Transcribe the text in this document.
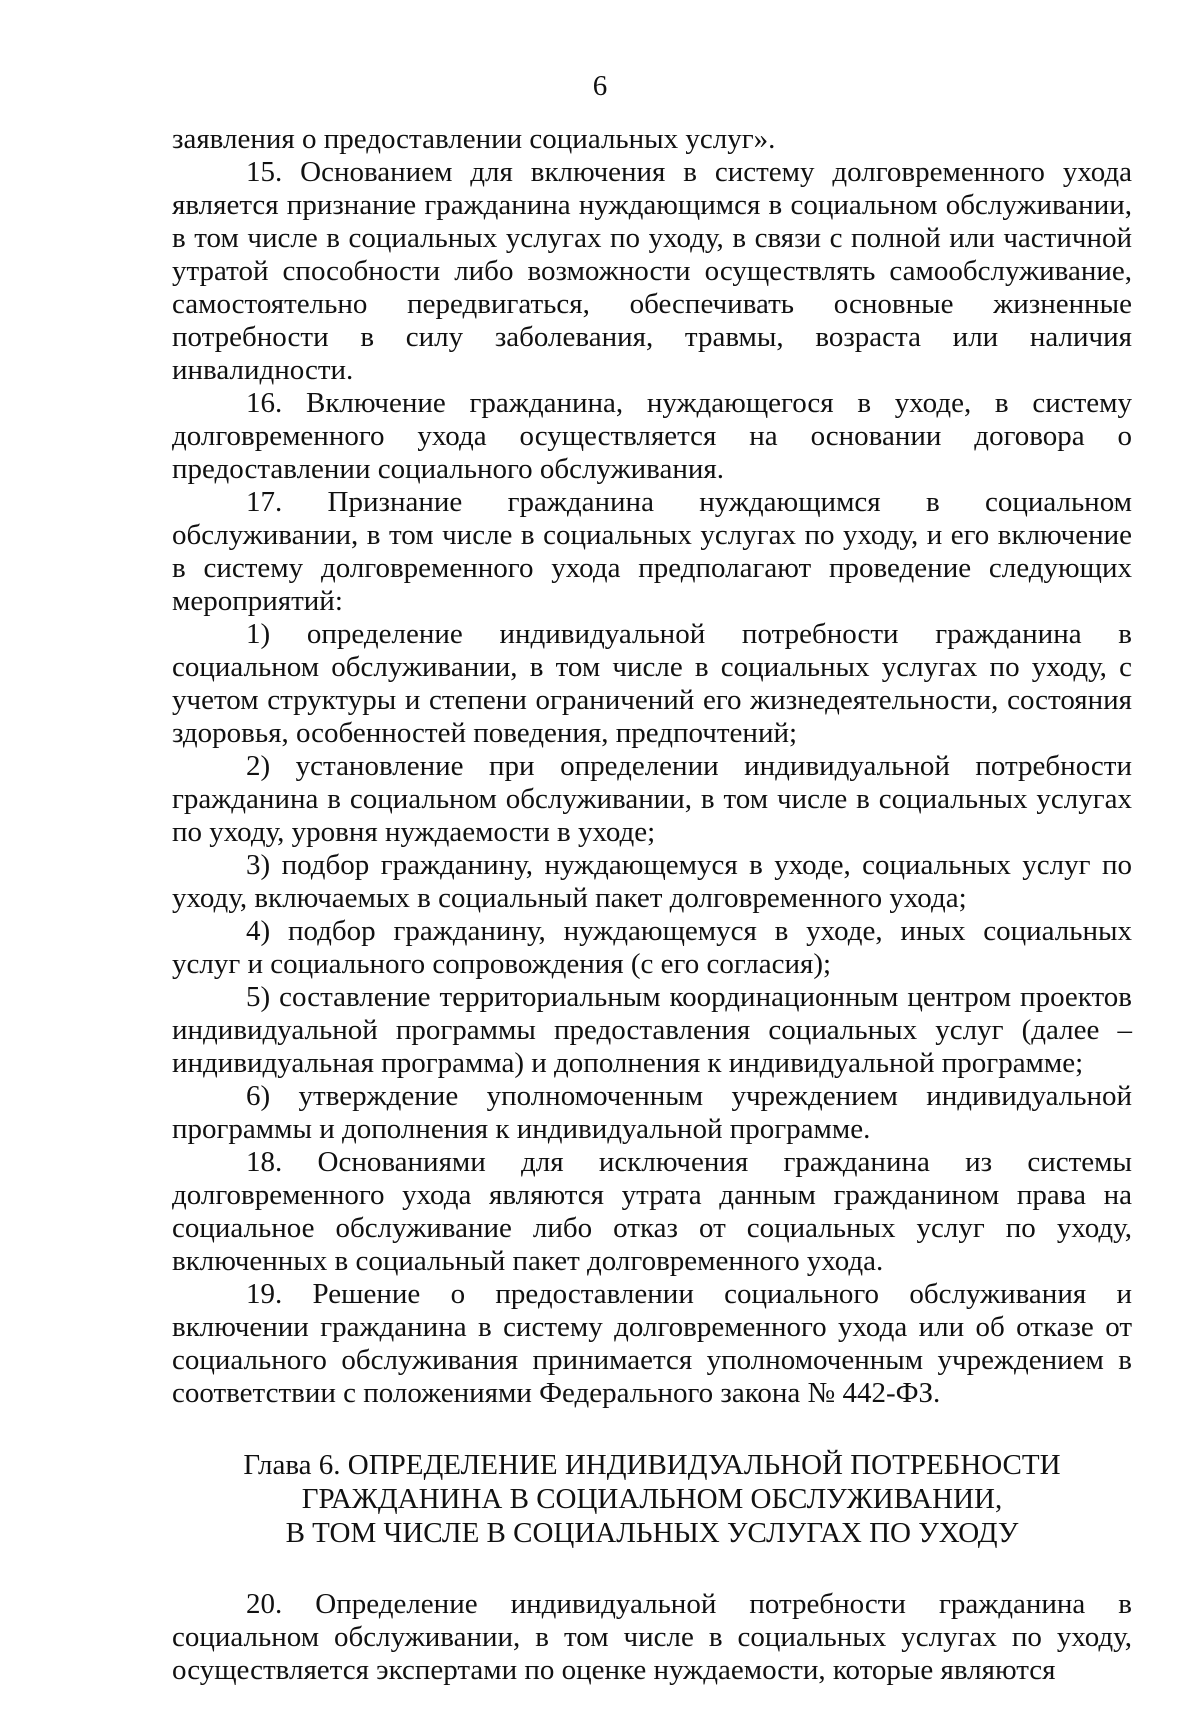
6

заявления о предоставлении социальных услуг».

15. Основанием для включения в систему долговременного ухода является признание гражданина нуждающимся в социальном обслуживании, в том числе в социальных услугах по уходу, в связи с полной или частичной утратой способности либо возможности осуществлять самообслуживание, самостоятельно передвигаться, обеспечивать основные жизненные потребности в силу заболевания, травмы, возраста или наличия инвалидности.

16. Включение гражданина, нуждающегося в уходе, в систему долговременного ухода осуществляется на основании договора о предоставлении социального обслуживания.

17. Признание гражданина нуждающимся в социальном обслуживании, в том числе в социальных услугах по уходу, и его включение в систему долговременного ухода предполагают проведение следующих мероприятий:

1) определение индивидуальной потребности гражданина в социальном обслуживании, в том числе в социальных услугах по уходу, с учетом структуры и степени ограничений его жизнедеятельности, состояния здоровья, особенностей поведения, предпочтений;

2) установление при определении индивидуальной потребности гражданина в социальном обслуживании, в том числе в социальных услугах по уходу, уровня нуждаемости в уходе;

3) подбор гражданину, нуждающемуся в уходе, социальных услуг по уходу, включаемых в социальный пакет долговременного ухода;

4) подбор гражданину, нуждающемуся в уходе, иных социальных услуг и социального сопровождения (с его согласия);

5) составление территориальным координационным центром проектов индивидуальной программы предоставления социальных услуг (далее – индивидуальная программа) и дополнения к индивидуальной программе;

6) утверждение уполномоченным учреждением индивидуальной программы и дополнения к индивидуальной программе.

18. Основаниями для исключения гражданина из системы долговременного ухода являются утрата данным гражданином права на социальное обслуживание либо отказ от социальных услуг по уходу, включенных в социальный пакет долговременного ухода.

19. Решение о предоставлении социального обслуживания и включении гражданина в систему долговременного ухода или об отказе от социального обслуживания принимается уполномоченным учреждением в соответствии с положениями Федерального закона № 442-ФЗ.

Глава 6. ОПРЕДЕЛЕНИЕ ИНДИВИДУАЛЬНОЙ ПОТРЕБНОСТИ
ГРАЖДАНИНА В СОЦИАЛЬНОМ ОБСЛУЖИВАНИИ,
В ТОМ ЧИСЛЕ В СОЦИАЛЬНЫХ УСЛУГАХ ПО УХОДУ

20. Определение индивидуальной потребности гражданина в социальном обслуживании, в том числе в социальных услугах по уходу, осуществляется экспертами по оценке нуждаемости, которые являются
